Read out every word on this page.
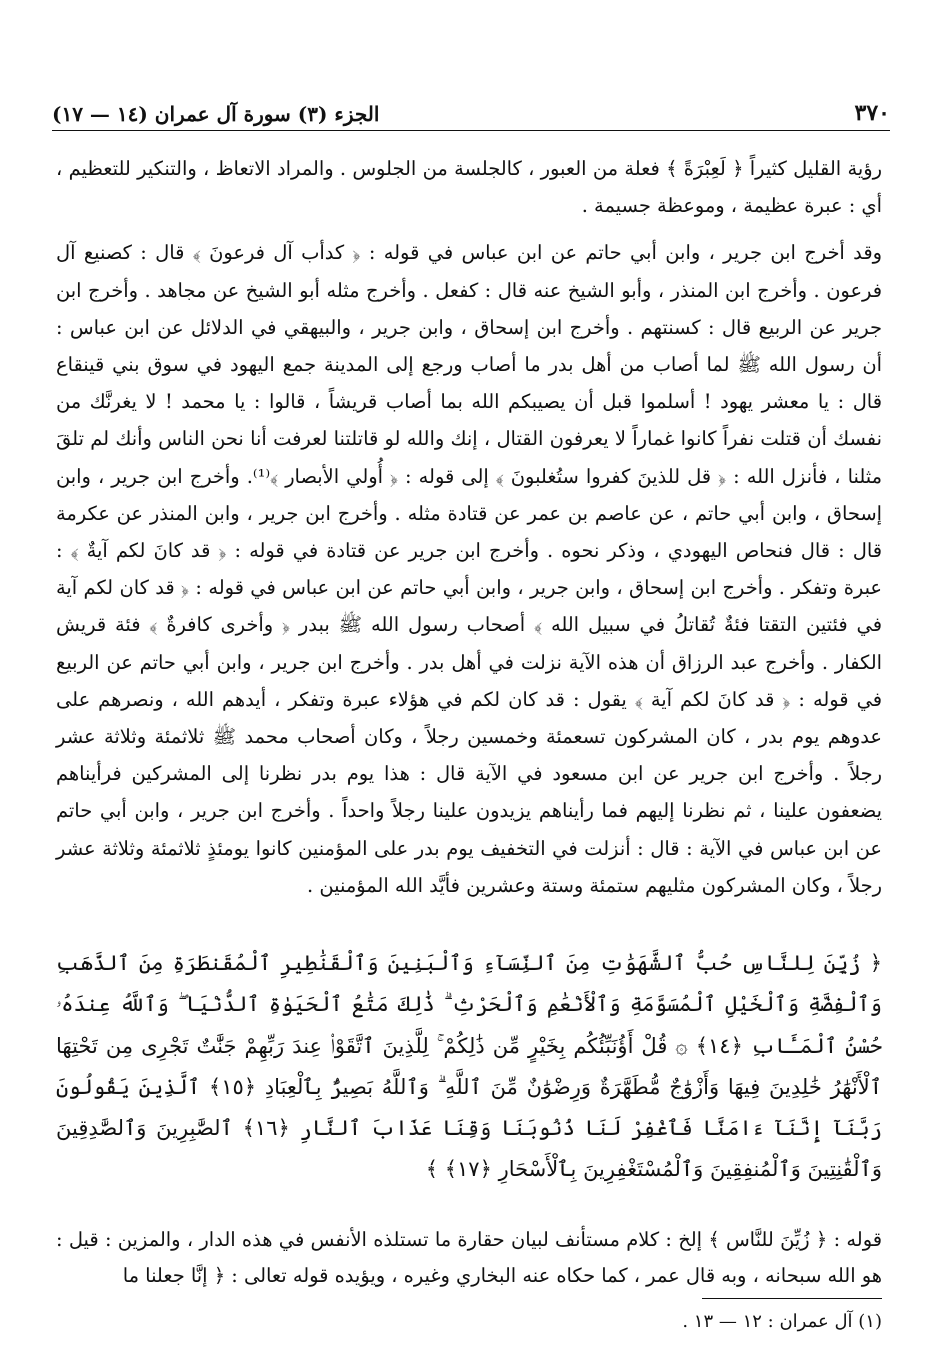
٣٧٠
الجزء (٣) سورة آل عمران (١٤ — ١٧)

رؤية القليل كثيراً ﴿ لَعِبْرَةً ﴾ فعلة من العبور ، كالجلسة من الجلوس . والمراد الاتعاظ ، والتنكير للتعظيم ، أي : عبرة عظيمة ، وموعظة جسيمة .

وقد أخرج ابن جرير ، وابن أبي حاتم عن ابن عباس في قوله : ﴿ كدأب آل فرعونَ ﴾ قال : كصنيع آل فرعون . وأخرج ابن المنذر ، وأبو الشيخ عنه قال : كفعل . وأخرج مثله أبو الشيخ عن مجاهد . وأخرج ابن جرير عن الربيع قال : كسنتهم . وأخرج ابن إسحاق ، وابن جرير ، والبيهقي في الدلائل عن ابن عباس : أن رسول الله ﷺ لما أصاب من أهل بدر ما أصاب ورجع إلى المدينة جمع اليهود في سوق بني قينقاع قال : يا معشر يهود ! أسلموا قبل أن يصيبكم الله بما أصاب قريشاً ، قالوا : يا محمد ! لا يغرنَّك من نفسك أن قتلت نفراً كانوا غماراً لا يعرفون القتال ، إنك والله لو قاتلتنا لعرفت أنا نحن الناس وأنك لم تلقَ مثلنا ، فأنزل الله : ﴿ قل للذينَ كفروا ستُغلبونَ ﴾ إلى قوله : ﴿ أُولي الأبصار ﴾⁽¹⁾. وأخرج ابن جرير ، وابن إسحاق ، وابن أبي حاتم ، عن عاصم بن عمر عن قتادة مثله . وأخرج ابن جرير ، وابن المنذر عن عكرمة قال : قال فنحاص اليهودي ، وذكر نحوه . وأخرج ابن جرير عن قتادة في قوله : ﴿ قد كانَ لكم آيةٌ ﴾ : عبرة وتفكر . وأخرج ابن إسحاق ، وابن جرير ، وابن أبي حاتم عن ابن عباس في قوله : ﴿ قد كان لكم آية في فئتين التقتا فئةٌ تُقاتلُ في سبيل الله ﴾ أصحاب رسول الله ﷺ ببدر ﴿ وأخرى كافرةٌ ﴾ فئة قريش الكفار . وأخرج عبد الرزاق أن هذه الآية نزلت في أهل بدر . وأخرج ابن جرير ، وابن أبي حاتم عن الربيع في قوله : ﴿ قد كانَ لكم آية ﴾ يقول : قد كان لكم في هؤلاء عبرة وتفكر ، أيدهم الله ، ونصرهم على عدوهم يوم بدر ، كان المشركون تسعمئة وخمسين رجلاً ، وكان أصحاب محمد ﷺ ثلاثمئة وثلاثة عشر رجلاً . وأخرج ابن جرير عن ابن مسعود في الآية قال : هذا يوم بدر نظرنا إلى المشركين فرأيناهم يضعفون علينا ، ثم نظرنا إليهم فما رأيناهم يزيدون علينا رجلاً واحداً . وأخرج ابن جرير ، وابن أبي حاتم عن ابن عباس في الآية : قال : أنزلت في التخفيف يوم بدر على المؤمنين كانوا يومئذٍ ثلاثمئة وثلاثة عشر رجلاً ، وكان المشركون مثليهم ستمئة وستة وعشرين فأيَّد الله المؤمنين .

﴿ زُيِّنَ لِلنَّاسِ حُبُّ ٱلشَّهَوَٰتِ مِنَ ٱلنِّسَآءِ وَٱلْبَنِينَ وَٱلْقَنَٰطِيرِ ٱلْمُقَنطَرَةِ مِنَ ٱلذَّهَبِ وَٱلْفِضَّةِ وَٱلْخَيْلِ ٱلْمُسَوَّمَةِ وَٱلْأَنْعَٰمِ وَٱلْحَرْثِ ۗ ذَٰلِكَ مَتَٰعُ ٱلْحَيَوٰةِ ٱلدُّنْيَا ۖ وَٱللَّهُ عِندَهُۥ حُسْنُ ٱلْمَـَٔابِ ﴿١٤﴾ ۞ قُلْ أَؤُنَبِّئُكُم بِخَيْرٍ مِّن ذَٰلِكُمْ ۚ لِلَّذِينَ ٱتَّقَوْا۟ عِندَ رَبِّهِمْ جَنَّٰتٌ تَجْرِى مِن تَحْتِهَا ٱلْأَنْهَٰرُ خَٰلِدِينَ فِيهَا وَأَزْوَٰجٌ مُّطَهَّرَةٌ وَرِضْوَٰنٌ مِّنَ ٱللَّهِ ۗ وَٱللَّهُ بَصِيرٌۢ بِٱلْعِبَادِ ﴿١٥﴾ ٱلَّذِينَ يَقُولُونَ رَبَّنَآ إِنَّنَآ ءَامَنَّا فَٱغْفِرْ لَنَا ذُنُوبَنَا وَقِنَا عَذَابَ ٱلنَّارِ ﴿١٦﴾ ٱلصَّٰبِرِينَ وَٱلصَّٰدِقِينَ وَٱلْقَٰنِتِينَ وَٱلْمُنفِقِينَ وَٱلْمُسْتَغْفِرِينَ بِٱلْأَسْحَارِ ﴿١٧﴾ ﴾
قوله : ﴿ زُيِّنَ للنَّاس ﴾ إلخ : كلام مستأنف لبيان حقارة ما تستلذه الأنفس في هذه الدار ، والمزين : قيل : هو الله سبحانه ، وبه قال عمر ، كما حكاه عنه البخاري وغيره ، ويؤيده قوله تعالى : ﴿ إنَّا جعلنا ما
(١) آل عمران : ١٢ — ١٣ .
